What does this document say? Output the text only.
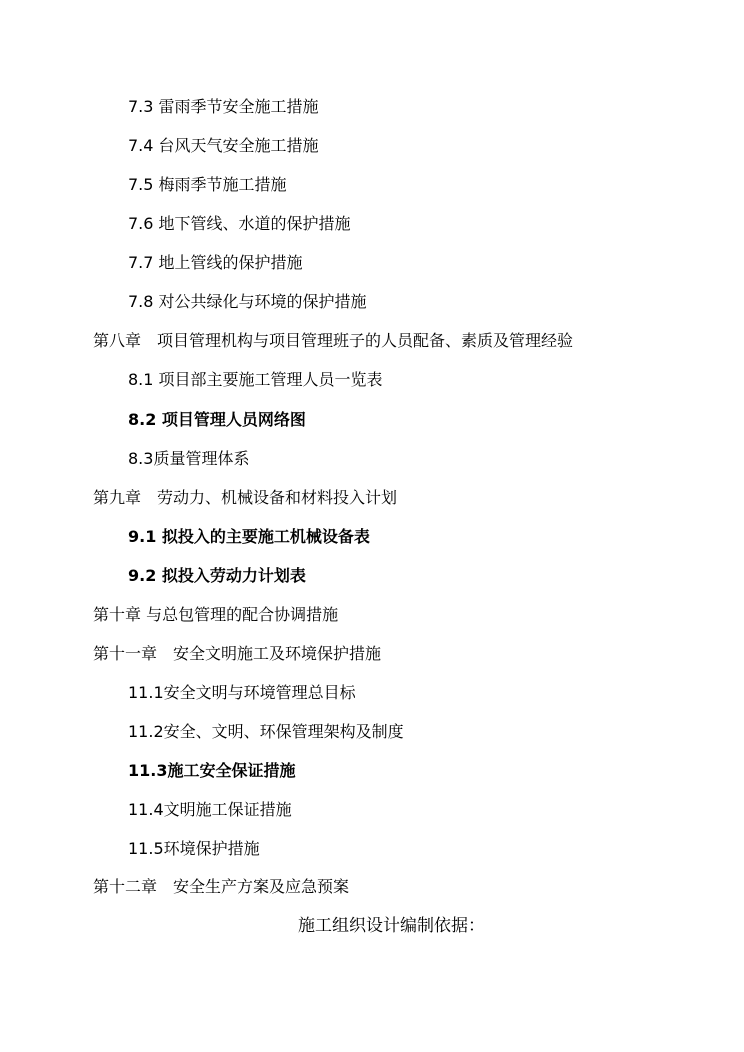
7.3 雷雨季节安全施工措施
7.4 台风天气安全施工措施
7.5 梅雨季节施工措施
7.6 地下管线、水道的保护措施
7.7 地上管线的保护措施
7.8 对公共绿化与环境的保护措施
第八章　项目管理机构与项目管理班子的人员配备、素质及管理经验
8.1 项目部主要施工管理人员一览表
8.2 项目管理人员网络图
8.3质量管理体系
第九章　劳动力、机械设备和材料投入计划
9.1 拟投入的主要施工机械设备表
9.2 拟投入劳动力计划表
第十章 与总包管理的配合协调措施
第十一章　安全文明施工及环境保护措施
11.1安全文明与环境管理总目标
11.2安全、文明、环保管理架构及制度
11.3施工安全保证措施
11.4文明施工保证措施
11.5环境保护措施
第十二章　安全生产方案及应急预案
施工组织设计编制依据：
